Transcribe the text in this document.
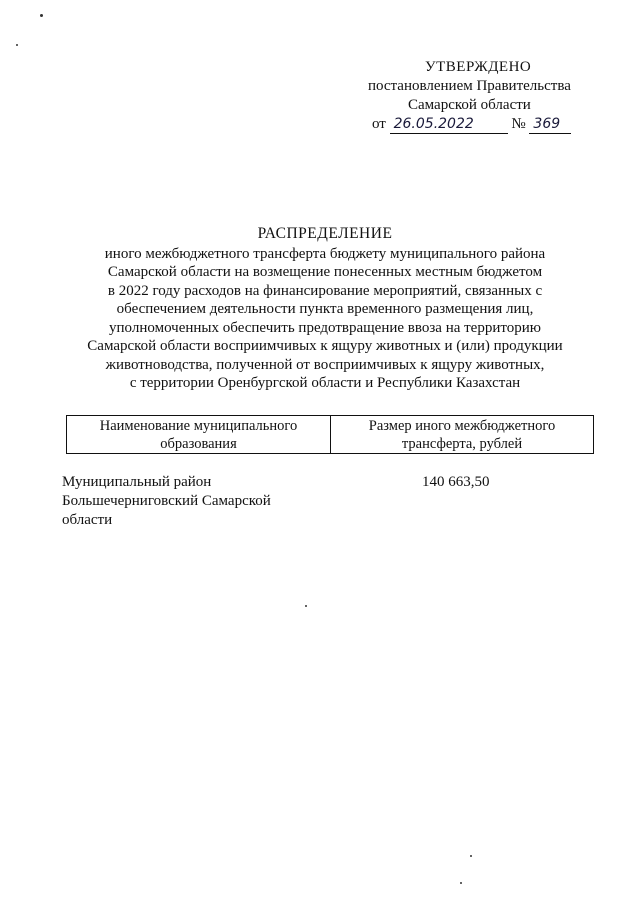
УТВЕРЖДЕНО
постановлением Правительства
Самарской области
от 26.05.2022	№ 369
РАСПРЕДЕЛЕНИЕ
иного межбюджетного трансферта бюджету муниципального района
Самарской области на возмещение понесенных местным бюджетом
в 2022 году расходов на финансирование мероприятий, связанных с
обеспечением деятельности пункта временного размещения лиц,
уполномоченных обеспечить предотвращение ввоза на территорию
Самарской области восприимчивых к ящуру животных и (или) продукции
животноводства, полученной от восприимчивых к ящуру животных,
с территории Оренбургской области и Республики Казахстан
Наименование муниципального
образования
Размер иного межбюджетного
трансферта, рублей
Муниципальный район
Большечерниговский Самарской
области
140 663,50
